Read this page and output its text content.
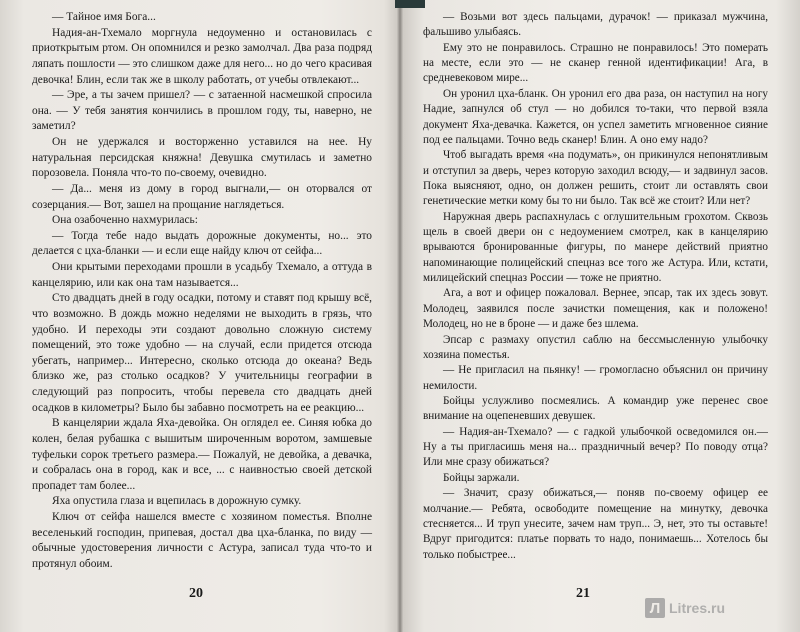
— Тайное имя Бога...

Надия-ан-Тхемало моргнула недоуменно и остановилась с приоткрытым ртом. Он опомнился и резко замолчал. Два раза подряд ляпать пошлости — это слишком даже для него... но до чего красивая девочка! Блин, если так же в школу работать, от учебы отвлекают...

— Эре, а ты зачем пришел? — с затаенной насмешкой спросила она. — У тебя занятия кончились в прошлом году, ты, наверно, не заметил?

Он не удержался и восторженно уставился на нее. Ну натуральная персидская княжна! Девушка смутилась и заметно порозовела. Поняла что-то по-своему, очевидно.

— Да... меня из дому в город выгнали,— он оторвался от созерцания.— Вот, зашел на прощание наглядеться.

Она озабоченно нахмурилась:

— Тогда тебе надо выдать дорожные документы, но... это делается с цха-бланки — и если еще найду ключ от сейфа...

Они крытыми переходами прошли в усадьбу Тхемало, а оттуда в канцелярию, или как она там называется...

Сто двадцать дней в году осадки, потому и ставят под крышу всё, что возможно. В дождь можно неделями не выходить в грязь, что удобно. И переходы эти создают довольно сложную систему помещений, это тоже удобно — на случай, если придется отсюда убегать, например... Интересно, сколько отсюда до океана? Ведь близко же, раз столько осадков? У учительницы географии в следующий раз попросить, чтобы перевела сто двадцать дней осадков в километры? Было бы забавно посмотреть на ее реакцию...

В канцелярии ждала Яха-девойка. Он оглядел ее. Синяя юбка до колен, белая рубашка с вышитым широченным воротом, замшевые туфельки сорок третьего размера.— Пожалуй, не девойка, а девачка, и собралась она в город, как и все, ... с наивностью своей детской пропадет там более...

Яха опустила глаза и вцепилась в дорожную сумку.

Ключ от сейфа нашелся вместе с хозяином поместья. Вполне веселенький господин, припевая, достал два цха-бланка, по виду — обычные удостоверения личности с Астура, записал туда что-то и протянул обоим.

20

— Возьми вот здесь пальцами, дурачок! — приказал мужчина, фальшиво улыбаясь.

Ему это не понравилось. Страшно не понравилось! Это померать на месте, если это — не сканер генной идентификации! Ага, в средневековом мире...

Он уронил цха-бланк. Он уронил его два раза, он наступил на ногу Надие, запнулся об стул — но добился то-таки, что первой взяла документ Яха-девачка. Кажется, он успел заметить мгновенное сияние под ее пальцами. Точно ведь сканер! Блин. А оно ему надо?

Чтоб выгадать время «на подумать», он прикинулся непонятливым и отступил за дверь, через которую заходил всюду,— и задвинул засов. Пока выясняют, одно, он должен решить, стоит ли оставлять свои генетические метки кому бы то ни было. Так всё же стоит? Или нет?

Наружная дверь распахнулась с оглушительным грохотом. Сквозь щель в своей двери он с недоумением смотрел, как в канцелярию врываются бронированные фигуры, по манере действий приятно напоминающие полицейский спецназ все того же Астура. Или, кстати, милицейский спецназ России — тоже не приятно.

Ага, а вот и офицер пожаловал. Вернее, эпсар, так их здесь зовут. Молодец, заявился после зачистки помещения, как и положено! Молодец, но не в броне — и даже без шлема.

Эпсар с размаху опустил саблю на бессмысленную улыбочку хозяина поместья.

— Не пригласил на пьянку! — громогласно объяснил он причину немилости.

Бойцы услужливо посмеялись. А командир уже перенес свое внимание на оцепеневших девушек.

— Надия-ан-Тхемало? — с гадкой улыбочкой осведомился он.— Ну а ты пригласишь меня на... праздничный вечер? По поводу отца? Или мне сразу обижаться?

Бойцы заржали.

— Значит, сразу обижаться,— поняв по-своему офицер ее молчание.— Ребята, освободите помещение на минутку, девочка стесняется... И труп унесите, зачем нам труп... Э, нет, это ты оставьте! Вдруг пригодится: платье порвать то надо, понимаешь... Хотелось бы только побыстрее...

21
Л Litres.ru
